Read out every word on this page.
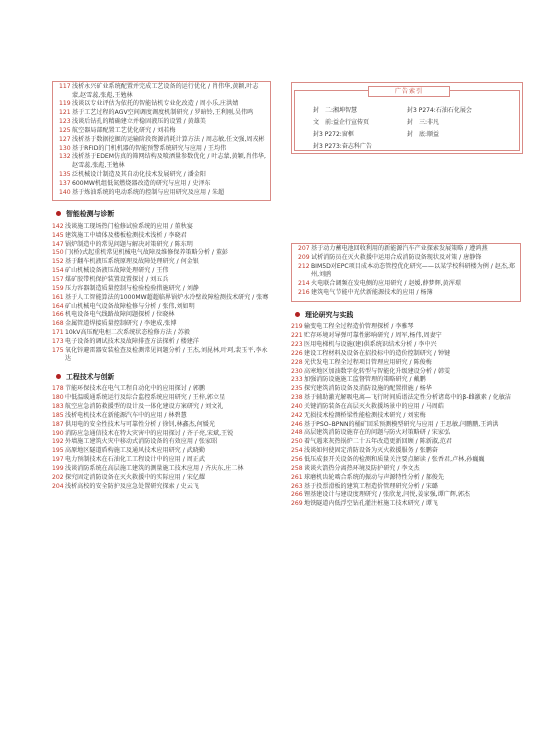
117 浅析永兴矿业系统配置并完成工艺设备的运行优化 / 肖伟华,黄颖,叶志蒙,赵雪蕊,张彪,王勉林
119 浅谈以专业评估为依托的智能钻机专业化改造 / 周小乐,庄洪婧
121 基于工艺过程的AGV空间调度调度机制研究 / 罗暗铃,王利刚,吴伟鸣
123 浅谈后钻孔的精确建立并稳固液压的设置 / 黄雄美
125 航空器局部配置工艺优化研究 / 刘若梅
127 浅析基于数据挖掘的运输阶段资源消耗计算方法 / 周志敏,任文强,周戎彬
130 基于RFID的门机机器的智能预警系统研究与应用 / 王均伟
132 浅析基于EDEM仿真的筛网结构及喷洒量参数优化 / 叶志蒙,黄颖,肖伟华,赵雪蕊,张彪,王勉林
135 泛机械设计制造及其自动化技术发展研究 / 潘金阳
137 600MW机组低氮燃烧器改造的研究与应用 / 史泽东
140 基于炼油系统的电动系统的控制与应用研究及应用 / 朱超
智能检测与诊断
142 浅谈施工现场热门检修试验系统的应用 / 董秋宴
145 建筑施工中墙体及楼板检测技术浅析 / 李晓君
147 锅炉制造中的常见问题与解决对策研究 / 陈东明
150 门(桥)式起重机常见机械电气故障及维修保养策略分析 / 董彭
152 基于翻车机液压系统原理及故障处理研究 / 何金银
154 矿山机械设备液压故障处理研究 / 王伟
157 煤矿胶带机保护装置设置探讨 / 刘五兵
159 压力容器制造质量控制与检验检验措施研究 / 刘静
161 基于人工智能算法的1000MW超超临界锅炉水冷壁故障检测技术研究 / 张骞
164 矿山机械电气设备故障检修与分析 / 张伟,刘如明
166 机电设备电气线路故障问题探析 / 位晓林
168 金属管道焊接质量控制研究 / 李建成,张博
171 10kV高压配电柜二次系统状态检修方法 / 苏毅
173 电子设备的调试技术及故障排查方法探析 / 楼建洋
175 氧化锌避雷器安装检查及检测常见问题分析 / 王杰,刘昆林,叶珂,裴玉平,李永达
工程技术与创新
178 节能环保技术在电气工程自动化中的应用探讨 / 郭鹏
180 中低温暖通系统运行及综合监控系统应用研究 / 王梓,郭立星
183 航空应急消防救援型的设计及一体化建设方案研究 / 刘文礼
185 浅析电机技术在新能源汽车中的应用 / 林碧慧
187 供用电的安全性技术与可靠性分析 / 徐钊,林鑫杰,何媛光
190 消防应急通信技术在特大灾害中的应用探讨 / 齐子亮,宋斌,王锐
192 外墙施工建筑火灾中移动式消防设备的有效应用 / 张家昭
195 高原地区隧道盾构施工及通风技术应用研究 / 武晓勤
197 电力预制技术在石油化工工程设计中的应用 / 周正武
199 浅谈消防系统在高层施工建筑的测量施工技术应用 / 齐庆东,庄二林
202 探究固定消防设备在灭火救援中的实际应用 / 宋亿耀
204 浅析高校的安全防护及应急处置研究探索 / 史云飞
封　二:湘坤智慧
文　前:益企行宣传页
封3 P272:窗框
封3 P273:奋志科广告
封3 P274:石油石化展会
封　三:非凡
封　底:顺益
广告索引
207 基于动力蓄电池回收利用的新能源汽车产业探索发展策略 / 遵鸿燕
209 试析消防员在灭火救援中运用合成消防设备现状及对策 / 唐静锋
212 BIM5D对EPC项目成本动态管控优化研究——以某学校科研楼为例 / 赵杰,郑州,刘鸥
214 火电联合调频在发电侧的应用研究 / 赵媛,薛梦辉,黄浑璟
216 建筑电气节能中光伏新能源技术的应用 / 杨簿
理论研究与实践
219 输变电工程全过程造价管理探析 / 李雅琴
221 贮存环境对导弹可靠性影响研究 / 周军,杨伟,周妻宁
223 医用电梯机与设施(建)供系统识结术分析 / 李中兴
226 建设工程材料及设备在招投标中的造价控制研究 / 钟键
228 光伏发电工程全过程项目管理应用研究 / 陈俊梅
230 高寒地区加油数字化转型与智能化升级建设分析 / 韩雯
233 加强消防设施施工监督管理的策略研究 / 戴鹏
235 探究建筑消防设备及消防设施的配置措施 / 杨华
238 基于辅助激光解吸电离—飞行时间质谱法定性分析诸葛中的β-雌激素 / 化敏洁
240 关键消防装备在高层灭火救援场景中的应用 / 马周皓
242 无损技术检测桥梁性能检测技术研究 / 刘宏梅
246 基于PSO–BPNN的桶矿回采预测模型研究与应用 / 王思敏,闫鹏鹏,王鸿洪
248 高层建筑消防设施存在的问题与防火对策略研 / 宋家弘
250 着气遇来灰热锅炉二十五年改造更新回顾 / 陈新淑,范君
254 浅谈如何使固定消防设备为灭火救援服务 / 张鹏奋
256 低压成套开关设备的检测和质量关注要点解读 / 张香君,卢林,孙巍巍
258 谈谈火箭热分离热环境及防护研究 / 李文杰
261 球磨机齿轮啮合系统的振动与声源特性分析 / 郝俊先
263 基于投票滑板的建筑工程造价管理研究分析 / 宋璐
266 锂基建设计与建设度理研究 / 张欣龙,闫悦,姜家强,谭广辉,郭杰
269 地铁隧道内低浮空钻孔灌注桩施工技术研究 / 谭飞
